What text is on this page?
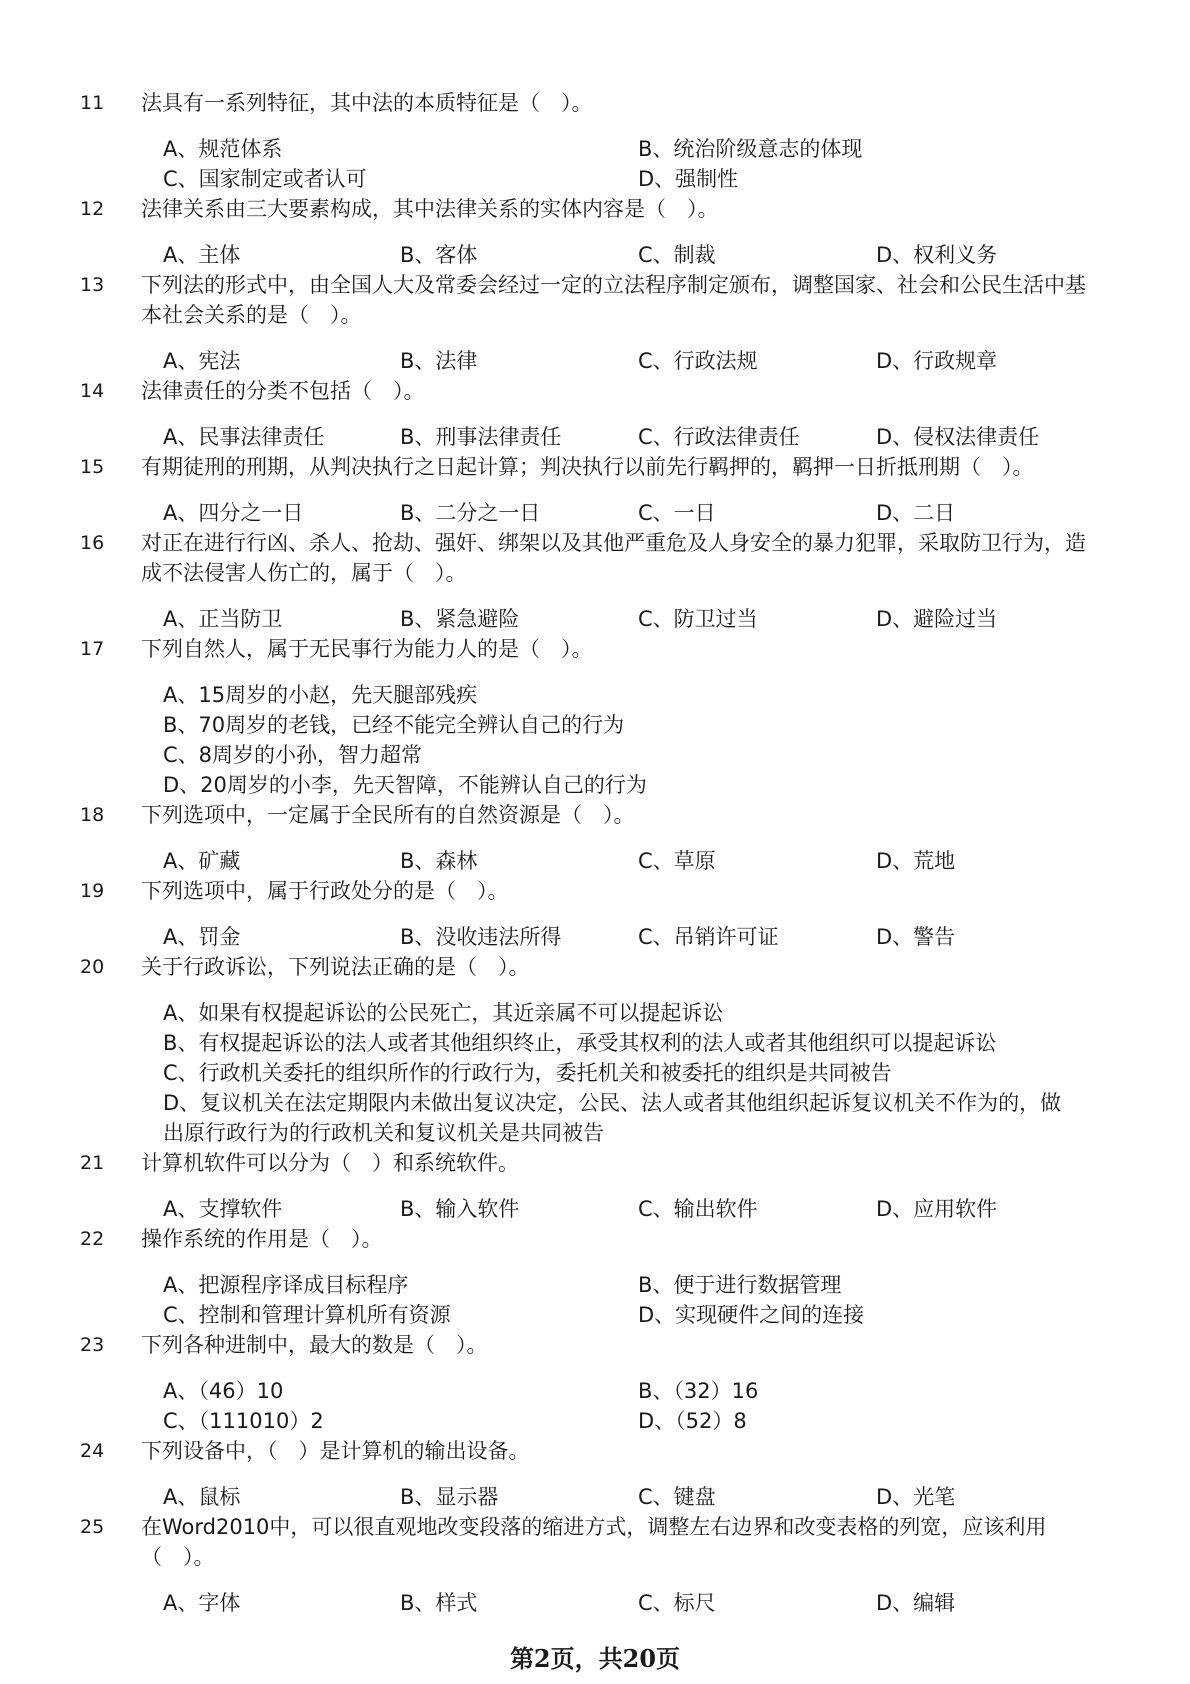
11 法具有一系列特征，其中法的本质特征是（　）。
A、规范体系	B、统治阶级意志的体现
C、国家制定或者认可	D、强制性
12 法律关系由三大要素构成，其中法律关系的实体内容是（　）。
A、主体	B、客体	C、制裁	D、权利义务
13 下列法的形式中，由全国人大及常委会经过一定的立法程序制定颁布，调整国家、社会和公民生活中基本社会关系的是（　）。
A、宪法	B、法律	C、行政法规	D、行政规章
14 法律责任的分类不包括（　）。
A、民事法律责任	B、刑事法律责任	C、行政法律责任	D、侵权法律责任
15 有期徒刑的刑期，从判决执行之日起计算；判决执行以前先行羁押的，羁押一日折抵刑期（　）。
A、四分之一日	B、二分之一日	C、一日	D、二日
16 对正在进行行凶、杀人、抢劫、强奸、绑架以及其他严重危及人身安全的暴力犯罪，采取防卫行为，造成不法侵害人伤亡的，属于（　）。
A、正当防卫	B、紧急避险	C、防卫过当	D、避险过当
17 下列自然人，属于无民事行为能力人的是（　）。
A、15周岁的小赵，先天腿部残疾
B、70周岁的老钱，已经不能完全辨认自己的行为
C、8周岁的小孙，智力超常
D、20周岁的小李，先天智障，不能辨认自己的行为
18 下列选项中，一定属于全民所有的自然资源是（　）。
A、矿藏	B、森林	C、草原	D、荒地
19 下列选项中，属于行政处分的是（　）。
A、罚金	B、没收违法所得	C、吊销许可证	D、警告
20 关于行政诉讼，下列说法正确的是（　）。
A、如果有权提起诉讼的公民死亡，其近亲属不可以提起诉讼
B、有权提起诉讼的法人或者其他组织终止，承受其权利的法人或者其他组织可以提起诉讼
C、行政机关委托的组织所作的行政行为，委托机关和被委托的组织是共同被告
D、复议机关在法定期限内未做出复议决定，公民、法人或者其他组织起诉复议机关不作为的，做出原行政行为的行政机关和复议机关是共同被告
21 计算机软件可以分为（　）和系统软件。
A、支撑软件	B、输入软件	C、输出软件	D、应用软件
22 操作系统的作用是（　）。
A、把源程序译成目标程序	B、便于进行数据管理
C、控制和管理计算机所有资源	D、实现硬件之间的连接
23 下列各种进制中，最大的数是（　）。
A、（46）10	B、（32）16
C、（111010）2	D、（52）8
24 下列设备中，（　）是计算机的输出设备。
A、鼠标	B、显示器	C、键盘	D、光笔
25 在Word2010中，可以很直观地改变段落的缩进方式，调整左右边界和改变表格的列宽，应该利用（　）。
A、字体	B、样式	C、标尺	D、编辑
第2页，共20页
